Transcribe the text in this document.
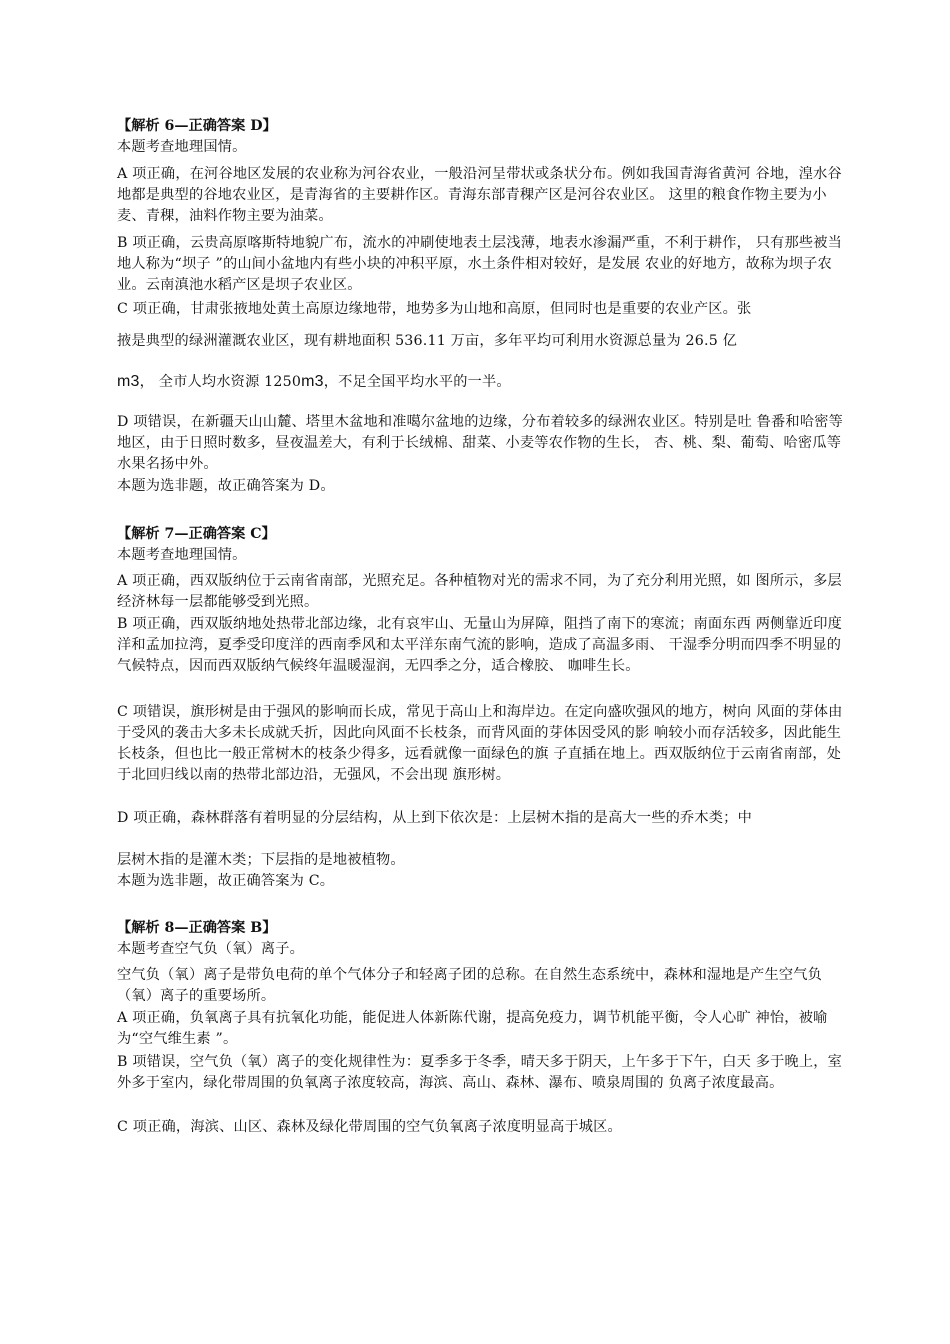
【解析 6—正确答案 D】

本题考查地理国情。

A 项正确，在河谷地区发展的农业称为河谷农业，一般沿河呈带状或条状分布。例如我国青海省黄河 谷地，湟水谷地都是典型的谷地农业区，是青海省的主要耕作区。青海东部青稞产区是河谷农业区。 这里的粮食作物主要为小麦、青稞，油料作物主要为油菜。

B 项正确，云贵高原喀斯特地貌广布，流水的冲刷使地表土层浅薄，地表水渗漏严重，不利于耕作， 只有那些被当地人称为“坝子 ”的山间小盆地内有些小块的冲积平原，水土条件相对较好，是发展 农业的好地方，故称为坝子农业。云南滇池水稻产区是坝子农业区。

C 项正确，甘肃张掖地处黄土高原边缘地带，地势多为山地和高原，但同时也是重要的农业产区。张

掖是典型的绿洲灌溉农业区，现有耕地面积 536.11 万亩，多年平均可利用水资源总量为 26.5 亿

m3， 全市人均水资源 1250m3，不足全国平均水平的一半。

D 项错误，在新疆天山山麓、塔里木盆地和准噶尔盆地的边缘，分布着较多的绿洲农业区。特别是吐 鲁番和哈密等地区，由于日照时数多，昼夜温差大，有利于长绒棉、甜菜、小麦等农作物的生长， 杏、桃、梨、葡萄、哈密瓜等水果名扬中外。

本题为选非题，故正确答案为 D。

【解析 7—正确答案 C】

本题考查地理国情。

A 项正确，西双版纳位于云南省南部，光照充足。各种植物对光的需求不同，为了充分利用光照，如 图所示，多层经济林每一层都能够受到光照。

B 项正确，西双版纳地处热带北部边缘，北有哀牢山、无量山为屏障，阻挡了南下的寒流；南面东西 两侧靠近印度洋和孟加拉湾，夏季受印度洋的西南季风和太平洋东南气流的影响，造成了高温多雨、 干湿季分明而四季不明显的气候特点，因而西双版纳气候终年温暖湿润，无四季之分，适合橡胶、 咖啡生长。

C 项错误，旗形树是由于强风的影响而长成，常见于高山上和海岸边。在定向盛吹强风的地方，树向 风面的芽体由于受风的袭击大多未长成就夭折，因此向风面不长枝条，而背风面的芽体因受风的影 响较小而存活较多，因此能生长枝条，但也比一般正常树木的枝条少得多，远看就像一面绿色的旗 子直插在地上。西双版纳位于云南省南部，处于北回归线以南的热带北部边沿，无强风，不会出现 旗形树。

D 项正确，森林群落有着明显的分层结构，从上到下依次是：上层树木指的是高大一些的乔木类；中

层树木指的是灌木类；下层指的是地被植物。

本题为选非题，故正确答案为 C。

【解析 8—正确答案 B】

本题考查空气负（氧）离子。

空气负（氧）离子是带负电荷的单个气体分子和轻离子团的总称。在自然生态系统中，森林和湿地是产生空气负（氧）离子的重要场所。

A 项正确，负氧离子具有抗氧化功能，能促进人体新陈代谢，提高免疫力，调节机能平衡，令人心旷 神怡，被喻为“空气维生素 ”。

B 项错误，空气负（氧）离子的变化规律性为：夏季多于冬季，晴天多于阴天，上午多于下午，白天 多于晚上，室外多于室内，绿化带周围的负氧离子浓度较高，海滨、高山、森林、瀑布、喷泉周围的 负离子浓度最高。

C 项正确，海滨、山区、森林及绿化带周围的空气负氧离子浓度明显高于城区。
